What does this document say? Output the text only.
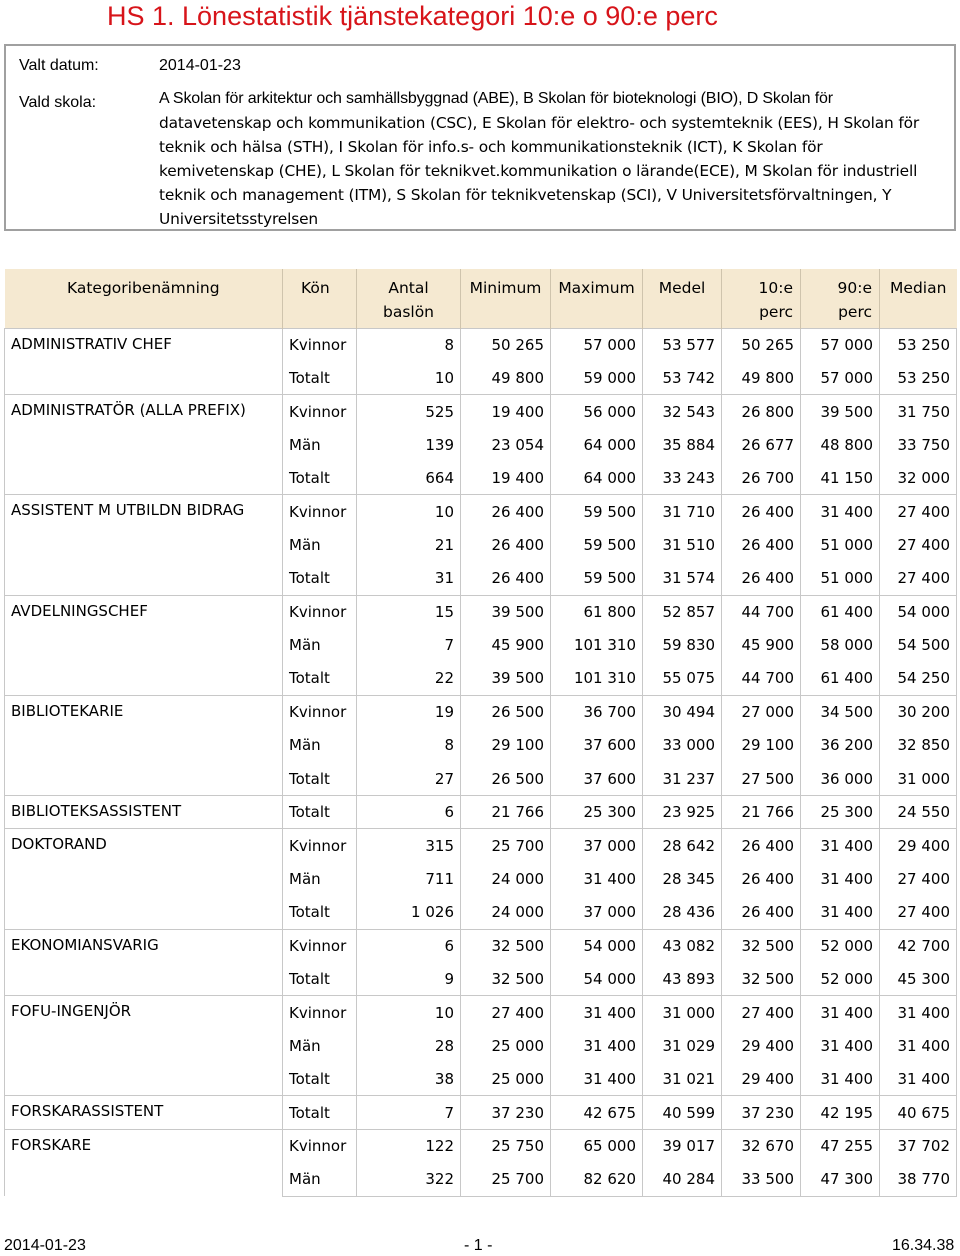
HS 1. Lönestatistik tjänstekategori 10:e o 90:e perc
Valt datum:	2014-01-23
Vald skola:	A Skolan för arkitektur och samhällsbyggnad (ABE), B Skolan för bioteknologi (BIO), D Skolan för
datavetenskap och kommunikation (CSC), E Skolan för elektro- och systemteknik (EES), H Skolan för
teknik och hälsa (STH), I Skolan för info.s- och kommunikationsteknik (ICT), K Skolan för
kemivetenskap (CHE), L Skolan för teknikvet.kommunikation o lärande(ECE), M Skolan för industriell
teknik och management (ITM), S Skolan för teknikvetenskap (SCI), V Universitetsförvaltningen, Y
Universitetsstyrelsen
Kategoribenämning	Kön	Antal
baslön	Minimum	Maximum	Medel	10:e
perc	90:e
perc	Median
ADMINISTRATIV CHEF	Kvinnor	8	50 265	57 000	53 577	50 265	57 000	53 250
	Totalt	10	49 800	59 000	53 742	49 800	57 000	53 250
ADMINISTRATÖR (ALLA PREFIX)	Kvinnor	525	19 400	56 000	32 543	26 800	39 500	31 750
	Män	139	23 054	64 000	35 884	26 677	48 800	33 750
	Totalt	664	19 400	64 000	33 243	26 700	41 150	32 000
ASSISTENT M UTBILDN BIDRAG	Kvinnor	10	26 400	59 500	31 710	26 400	31 400	27 400
	Män	21	26 400	59 500	31 510	26 400	51 000	27 400
	Totalt	31	26 400	59 500	31 574	26 400	51 000	27 400
AVDELNINGSCHEF	Kvinnor	15	39 500	61 800	52 857	44 700	61 400	54 000
	Män	7	45 900	101 310	59 830	45 900	58 000	54 500
	Totalt	22	39 500	101 310	55 075	44 700	61 400	54 250
BIBLIOTEKARIE	Kvinnor	19	26 500	36 700	30 494	27 000	34 500	30 200
	Män	8	29 100	37 600	33 000	29 100	36 200	32 850
	Totalt	27	26 500	37 600	31 237	27 500	36 000	31 000
BIBLIOTEKSASSISTENT	Totalt	6	21 766	25 300	23 925	21 766	25 300	24 550
DOKTORAND	Kvinnor	315	25 700	37 000	28 642	26 400	31 400	29 400
	Män	711	24 000	31 400	28 345	26 400	31 400	27 400
	Totalt	1 026	24 000	37 000	28 436	26 400	31 400	27 400
EKONOMIANSVARIG	Kvinnor	6	32 500	54 000	43 082	32 500	52 000	42 700
	Totalt	9	32 500	54 000	43 893	32 500	52 000	45 300
FOFU-INGENJÖR	Kvinnor	10	27 400	31 400	31 000	27 400	31 400	31 400
	Män	28	25 000	31 400	31 029	29 400	31 400	31 400
	Totalt	38	25 000	31 400	31 021	29 400	31 400	31 400
FORSKARASSISTENT	Totalt	7	37 230	42 675	40 599	37 230	42 195	40 675
FORSKARE	Kvinnor	122	25 750	65 000	39 017	32 670	47 255	37 702
	Män	322	25 700	82 620	40 284	33 500	47 300	38 770
2014-01-23	- 1 -	16.34.38
